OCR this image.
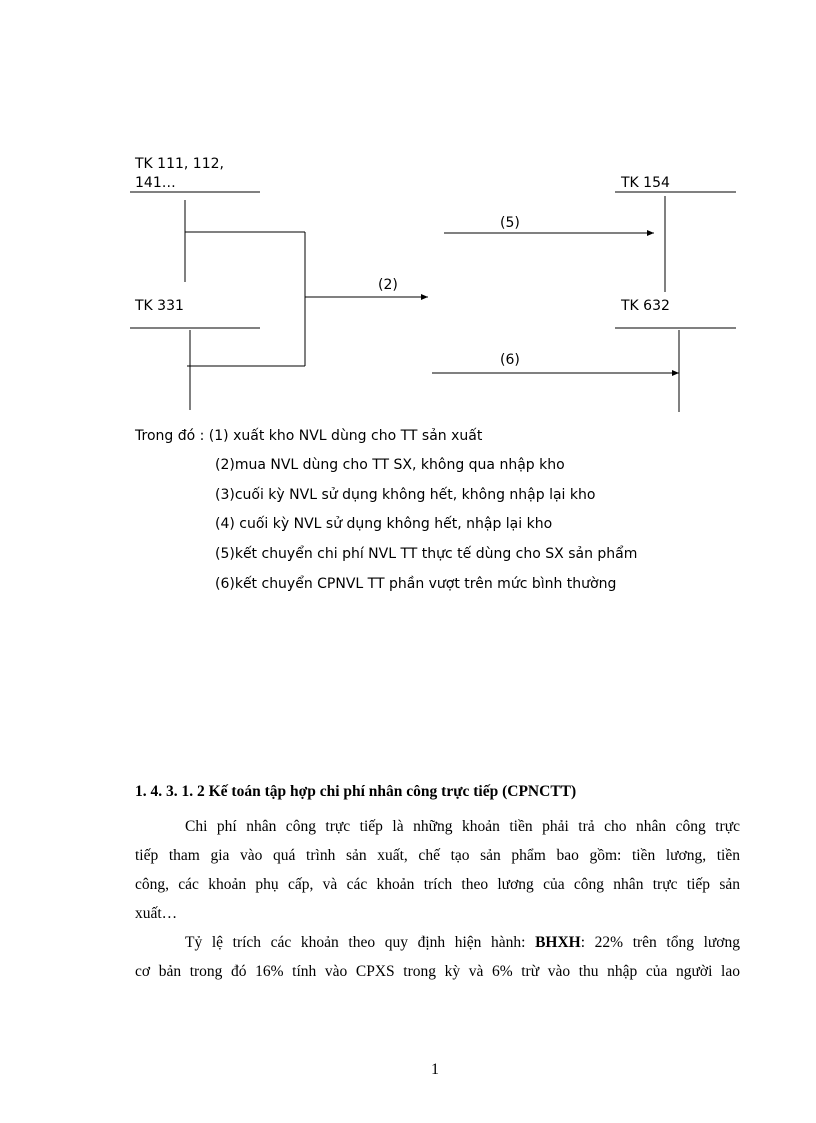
TK 111, 112,
141…
TK 331
TK 154
TK 632
(2)
(5)
(6)
Trong đó : (1) xuất kho NVL dùng cho TT sản xuất
(2)mua NVL dùng cho TT SX, không qua nhập kho
(3)cuối kỳ NVL sử dụng không hết, không nhập lại kho
(4) cuối kỳ NVL sử dụng không hết, nhập lại kho
(5)kết chuyển chi phí NVL TT thực tế dùng cho SX sản phẩm
(6)kết chuyển CPNVL TT phần vượt trên mức bình thường
1. 4. 3. 1. 2 Kế toán tập hợp chi phí nhân công trực tiếp (CPNCTT)
Chi phí nhân công trực tiếp là những khoản tiền phải trả cho nhân công trực
tiếp tham gia vào quá trình sản xuất, chế tạo sản phẩm bao gồm: tiền lương, tiền
công, các khoản phụ cấp, và các khoản trích theo lương của công nhân trực tiếp sản
xuất…
Tỷ lệ trích các khoản theo quy định hiện hành: BHXH: 22% trên tổng lương
cơ bản trong đó 16% tính vào CPXS trong kỳ và 6% trừ vào thu nhập của người lao
1
